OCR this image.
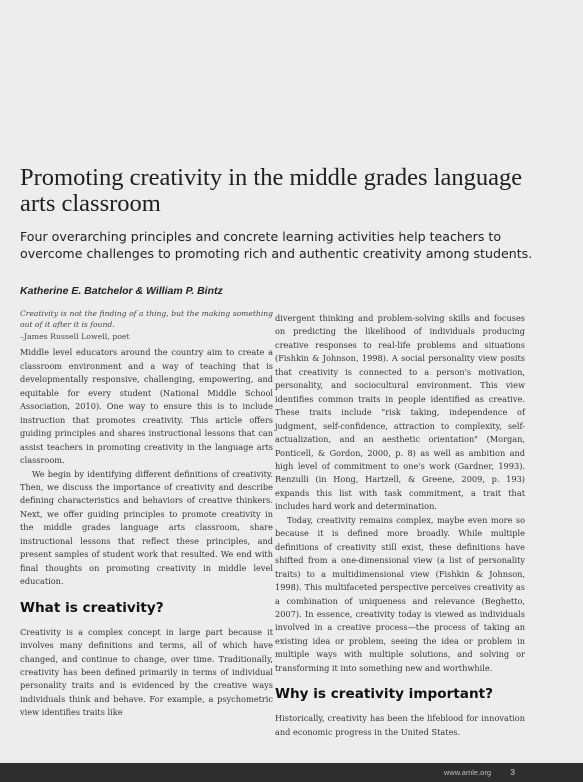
Promoting creativity in the middle grades language arts classroom

Four overarching principles and concrete learning activities help teachers to overcome challenges to promoting rich and authentic creativity among students.

Katherine E. Batchelor & William P. Bintz

Creativity is not the finding of a thing, but the making something out of it after it is found.

–James Russell Lowell, poet

Middle level educators around the country aim to create a classroom environment and a way of teaching that is developmentally responsive, challenging, empowering, and equitable for every student (National Middle School Association, 2010). One way to ensure this is to include instruction that promotes creativity. This article offers guiding principles and shares instructional lessons that can assist teachers in promoting creativity in the language arts classroom.

We begin by identifying different definitions of creativity. Then, we discuss the importance of creativity and describe defining characteristics and behaviors of creative thinkers. Next, we offer guiding principles to promote creativity in the middle grades language arts classroom, share instructional lessons that reflect these principles, and present samples of student work that resulted. We end with final thoughts on promoting creativity in middle level education.

What is creativity?

Creativity is a complex concept in large part because it involves many definitions and terms, all of which have changed, and continue to change, over time. Traditionally, creativity has been defined primarily in terms of individual personality traits and is evidenced by the creative ways individuals think and behave. For example, a psychometric view identifies traits like

divergent thinking and problem-solving skills and focuses on predicting the likelihood of individuals producing creative responses to real-life problems and situations (Fishkin & Johnson, 1998). A social personality view posits that creativity is connected to a person's motivation, personality, and sociocultural environment. This view identifies common traits in people identified as creative. These traits include "risk taking, independence of judgment, self-confidence, attraction to complexity, self-actualization, and an aesthetic orientation" (Morgan, Ponticell, & Gordon, 2000, p. 8) as well as ambition and high level of commitment to one's work (Gardner, 1993). Renzulli (in Hong, Hartzell, & Greene, 2009, p. 193) expands this list with task commitment, a trait that includes hard work and determination.

Today, creativity remains complex, maybe even more so because it is defined more broadly. While multiple definitions of creativity still exist, these definitions have shifted from a one-dimensional view (a list of personality traits) to a multidimensional view (Fishkin & Johnson, 1998). This multifaceted perspective perceives creativity as a combination of uniqueness and relevance (Beghetto, 2007). In essence, creativity today is viewed as individuals involved in a creative process—the process of taking an existing idea or problem, seeing the idea or problem in multiple ways with multiple solutions, and solving or transforming it into something new and worthwhile.

Why is creativity important?

Historically, creativity has been the lifeblood for innovation and economic progress in the United States.

www.amle.org 3
